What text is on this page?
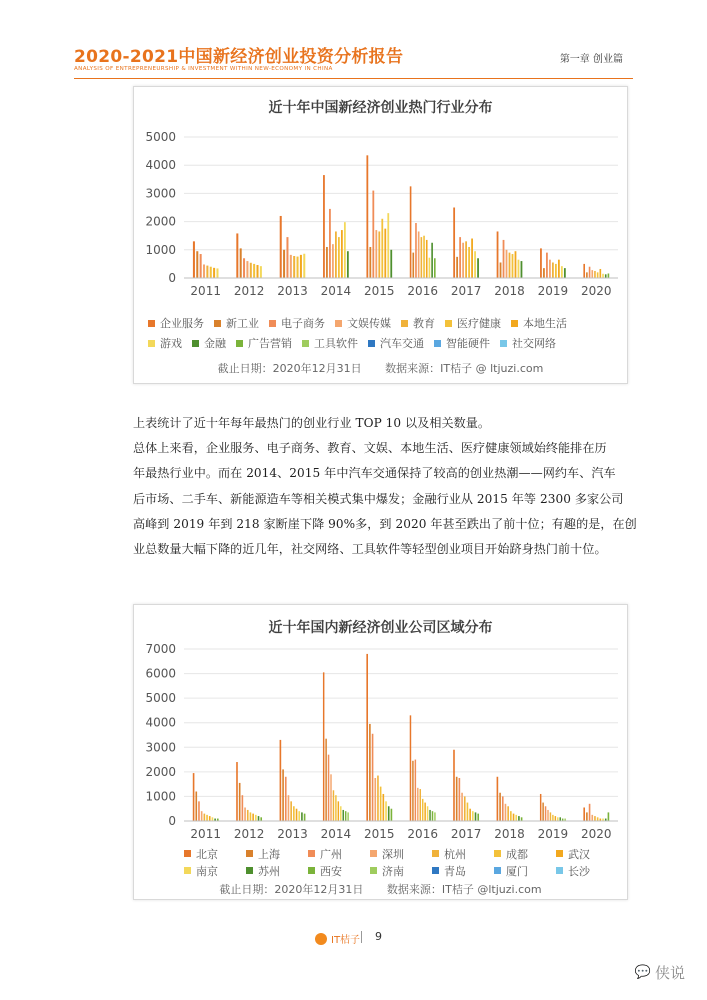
2020-2021中国新经济创业投资分析报告
ANALYSIS OF ENTREPRENEURSHIP & INVESTMENT WITHIN NEW-ECONOMY IN CHINA
第一章 创业篇
0
1000
2000
3000
4000
5000
2011 2012 2013 2014 2015 2016 2017 2018 2019 2020
近十年中国新经济创业热门行业分布
企业服务 新工业 电子商务 文娱传媒 教育 医疗健康 本地生活
游戏 金融 广告营销 工具软件 汽车交通 智能硬件 社交网络
截止日期：2020年12月31日 数据来源：IT桔子 @ ltjuzi.com

上表统计了近十年每年最热门的创业行业 TOP 10 以及相关数量。

总体上来看，企业服务、电子商务、教育、文娱、本地生活、医疗健康领域始终能排在历

年最热行业中。而在 2014、2015 年中汽车交通保持了较高的创业热潮——网约车、汽车

后市场、二手车、新能源造车等相关模式集中爆发；金融行业从 2015 年等 2300 多家公司

高峰到 2019 年到 218 家断崖下降 90%多，到 2020 年甚至跌出了前十位；有趣的是，在创

业总数量大幅下降的近几年，社交网络、工具软件等轻型创业项目开始跻身热门前十位。

0
1000
2000
3000
4000
5000
6000
7000
2011 2012 2013 2014 2015 2016 2017 2018 2019 2020
近十年国内新经济创业公司区域分布
北京	上海	广州	深圳	杭州	成都	武汉
南京	苏州	西安	济南	青岛	厦门	长沙
截止日期：2020年12月31日 数据来源：IT桔子 @ltjuzi.com
IT桔子 9
💬 侠说
